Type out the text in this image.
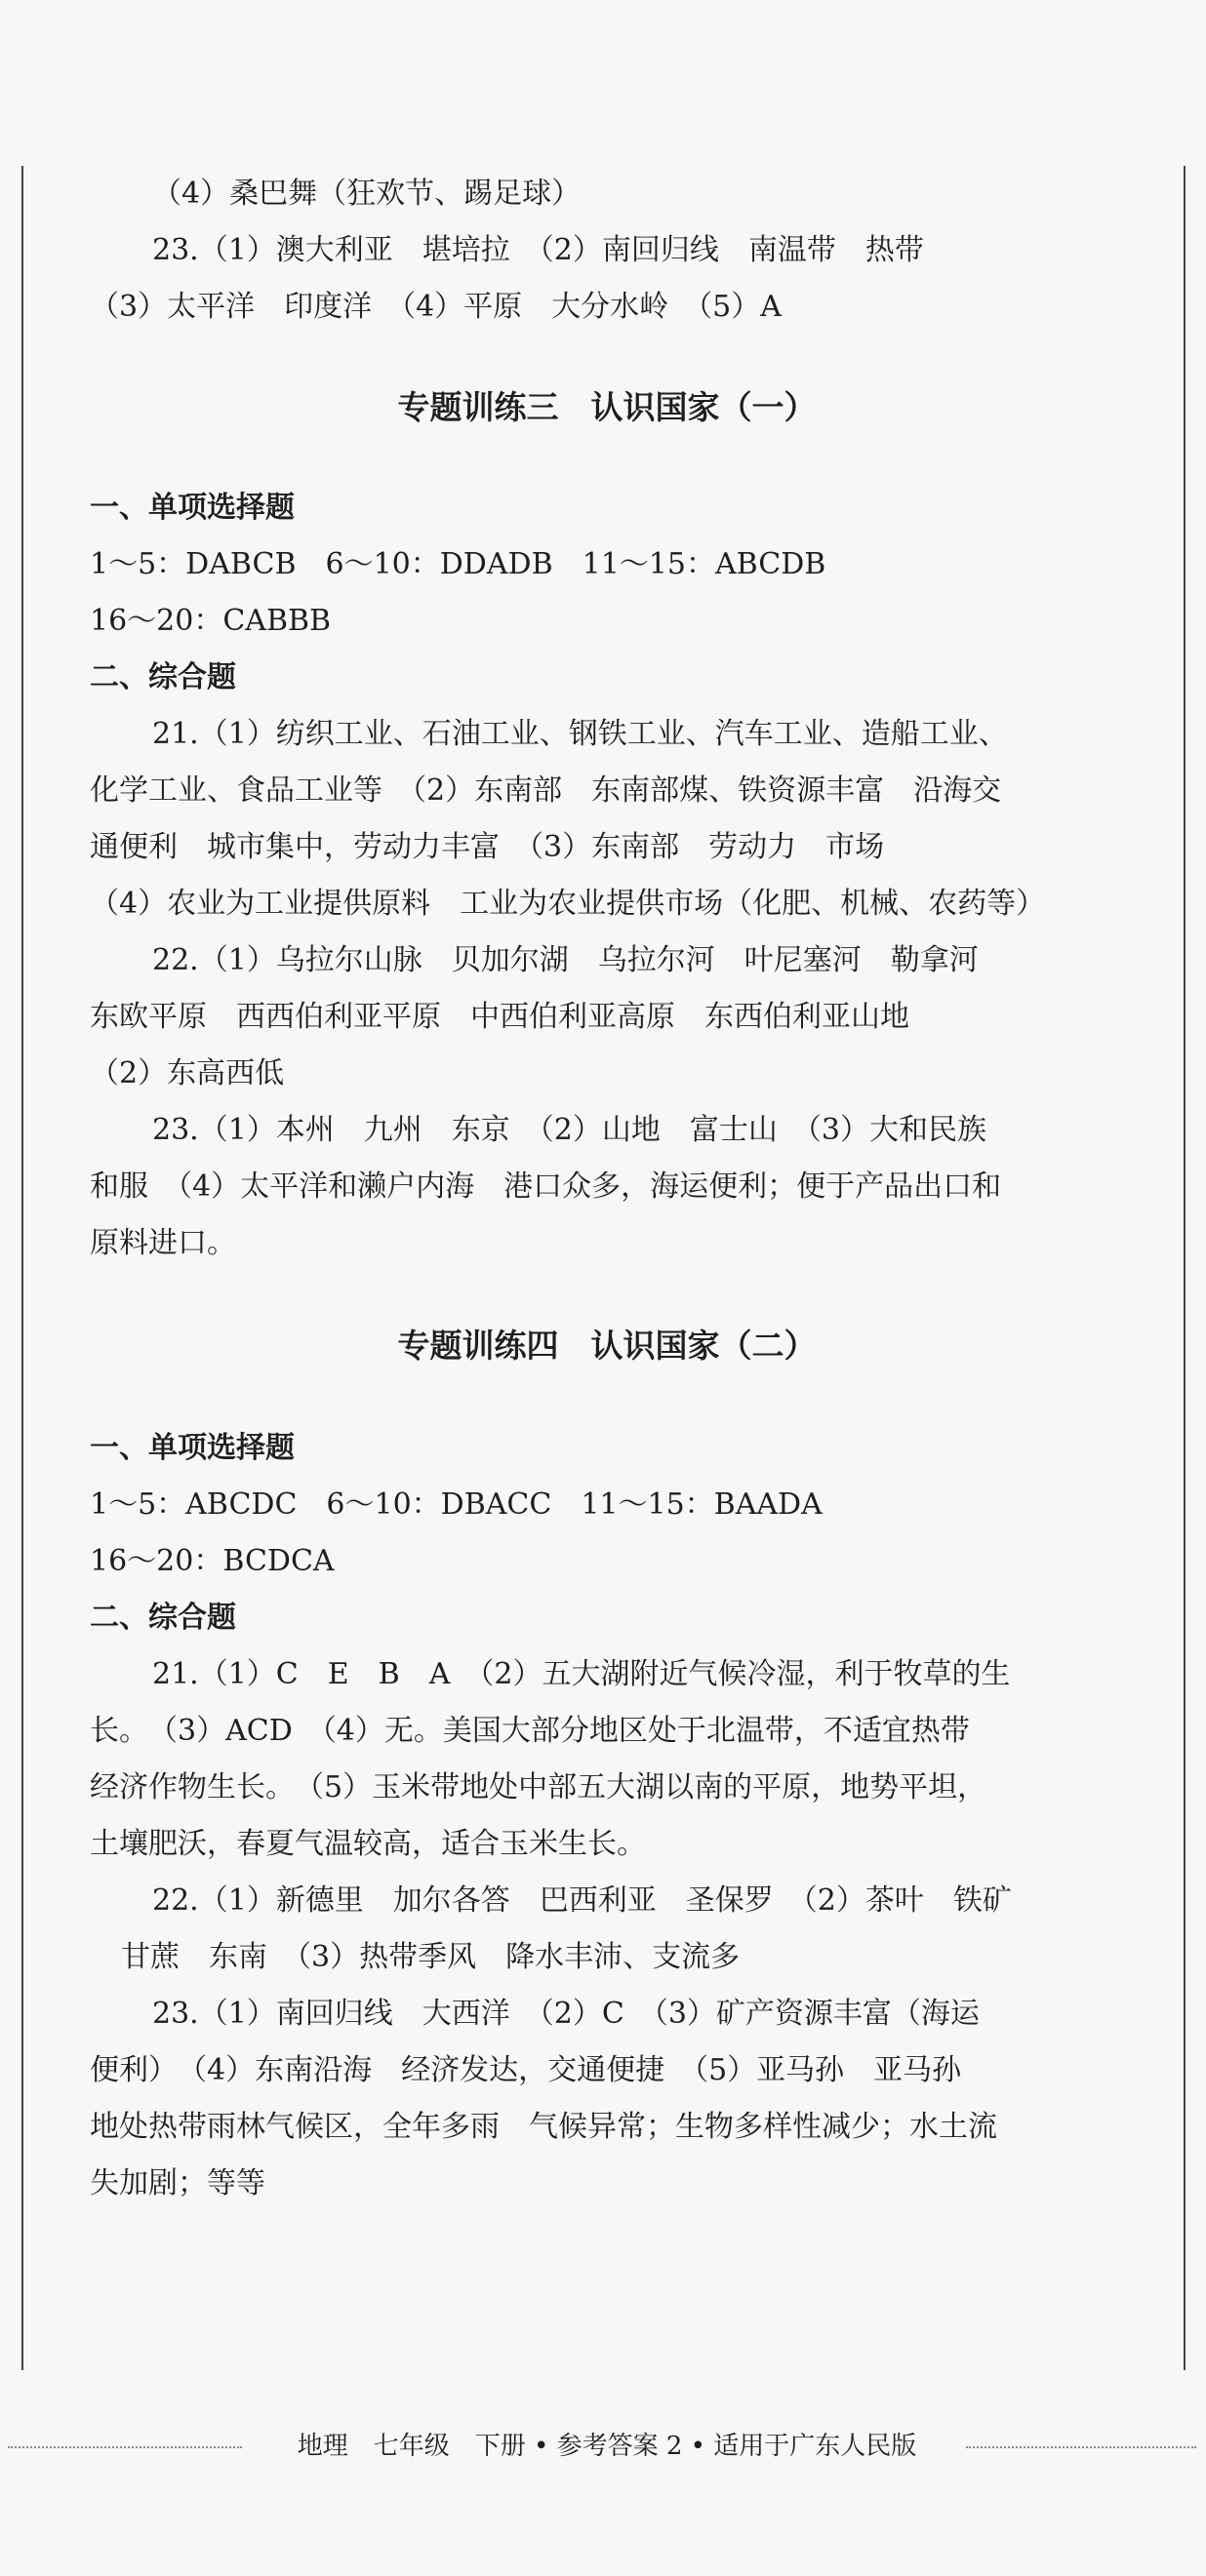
（4）桑巴舞（狂欢节、踢足球）

23.（1）澳大利亚　堪培拉　（2）南回归线　南温带　热带

（3）太平洋　印度洋　（4）平原　大分水岭　（5）A

专题训练三　认识国家（一）

一、单项选择题

1～5：DABCB　6～10：DDADB　11～15：ABCDB

16～20：CABBB

二、综合题

21.（1）纺织工业、石油工业、钢铁工业、汽车工业、造船工业、

化学工业、食品工业等　（2）东南部　东南部煤、铁资源丰富　沿海交

通便利　城市集中，劳动力丰富　（3）东南部　劳动力　市场

（4）农业为工业提供原料　工业为农业提供市场（化肥、机械、农药等）

22.（1）乌拉尔山脉　贝加尔湖　乌拉尔河　叶尼塞河　勒拿河

东欧平原　西西伯利亚平原　中西伯利亚高原　东西伯利亚山地

（2）东高西低

23.（1）本州　九州　东京　（2）山地　富士山　（3）大和民族

和服　（4）太平洋和濑户内海　港口众多，海运便利；便于产品出口和

原料进口。

专题训练四　认识国家（二）

一、单项选择题

1～5：ABCDC　6～10：DBACC　11～15：BAADA

16～20：BCDCA

二、综合题

21.（1）C　E　B　A　（2）五大湖附近气候冷湿，利于牧草的生

长。　（3）ACD　（4）无。美国大部分地区处于北温带，不适宜热带

经济作物生长。　（5）玉米带地处中部五大湖以南的平原，地势平坦，

土壤肥沃，春夏气温较高，适合玉米生长。

22.（1）新德里　加尔各答　巴西利亚　圣保罗　（2）茶叶　铁矿

甘蔗　东南　（3）热带季风　降水丰沛、支流多

23.（1）南回归线　大西洋　（2）C　（3）矿产资源丰富（海运

便利）　（4）东南沿海　经济发达，交通便捷　（5）亚马孙　亚马孙

地处热带雨林气候区，全年多雨　气候异常；生物多样性减少；水土流

失加剧；等等

地理　七年级　下册 • 参考答案 2 • 适用于广东人民版
